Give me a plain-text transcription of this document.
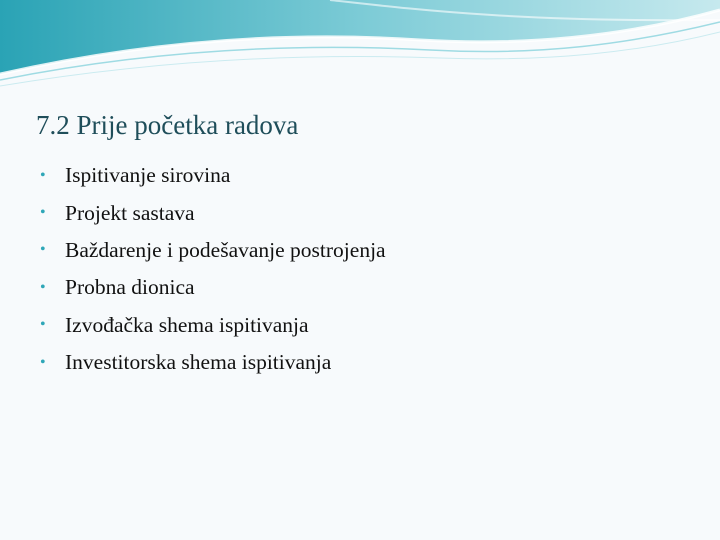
7.2 Prije početka radova
• Ispitivanje sirovina
• Projekt sastava
• Baždarenje i podešavanje postrojenja
• Probna dionica
• Izvođačka shema ispitivanja
• Investitorska shema ispitivanja
